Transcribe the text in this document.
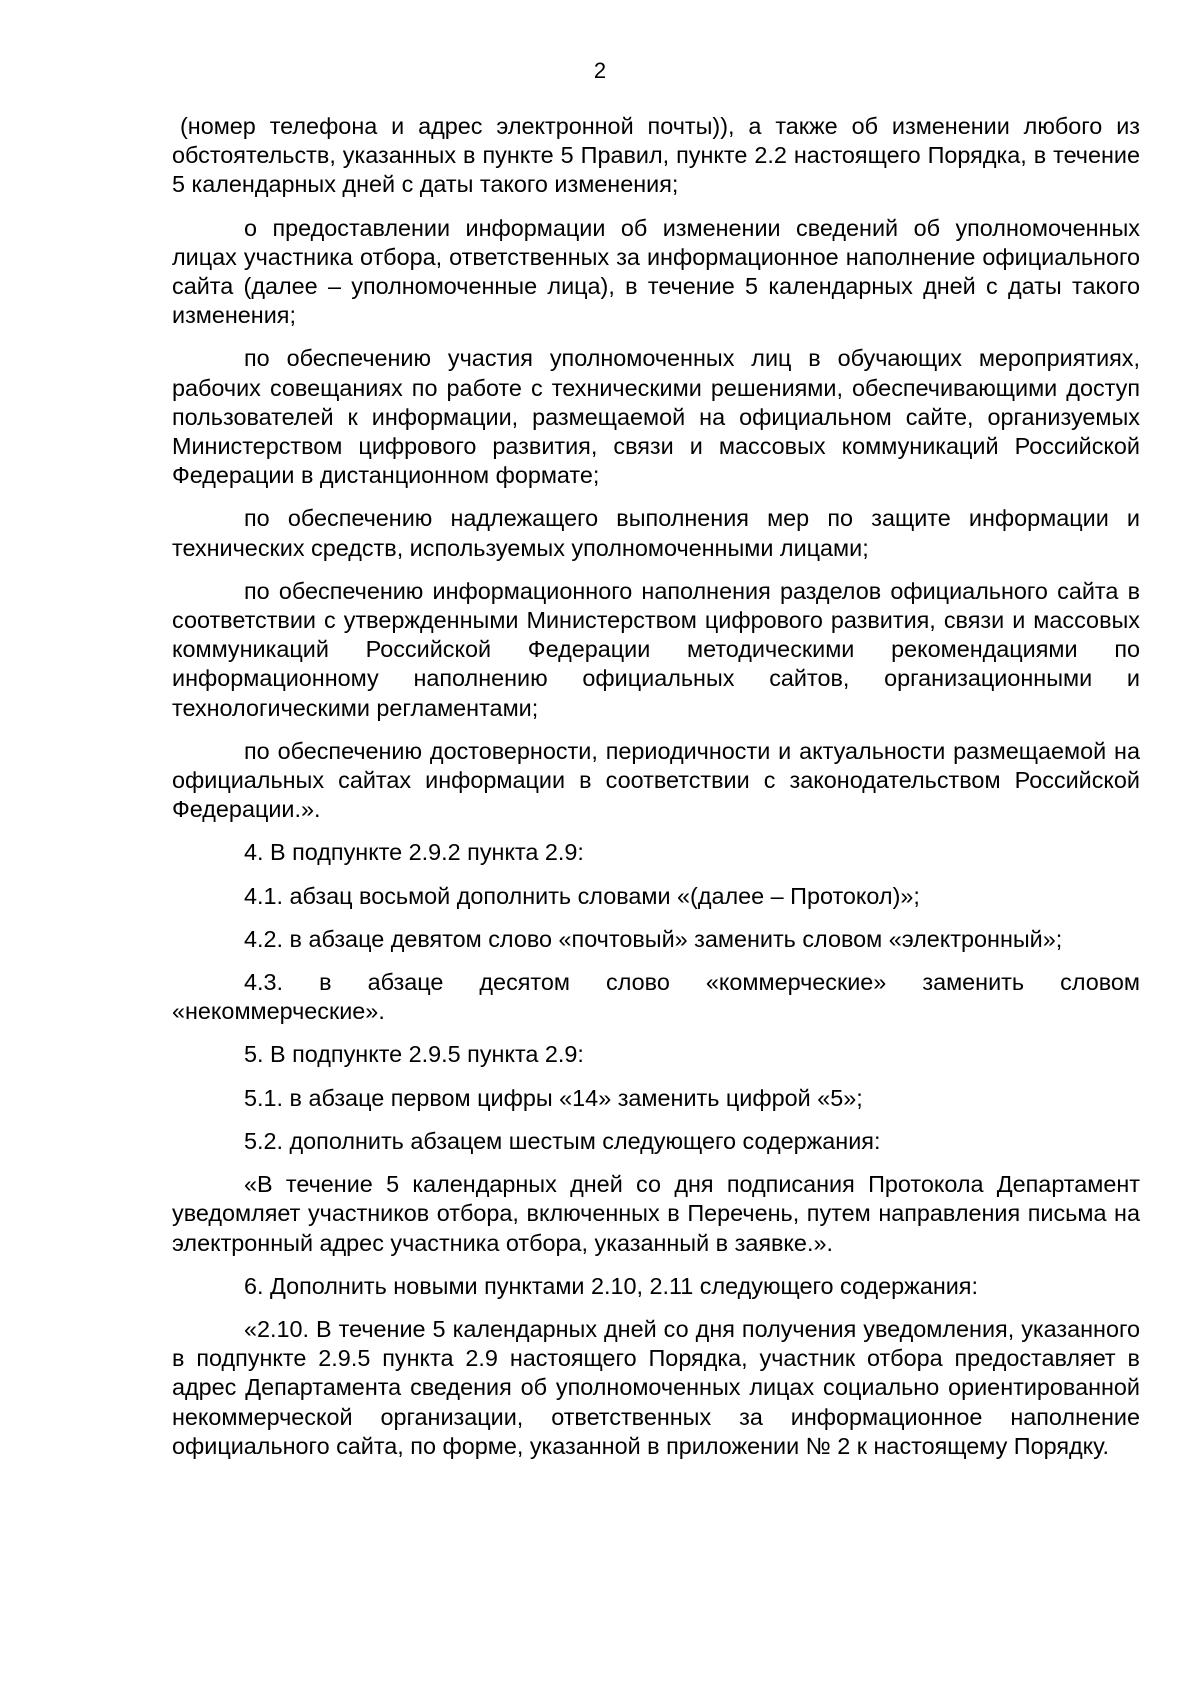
2

(номер телефона и адрес электронной почты)), а также об изменении любого из обстоятельств, указанных в пункте 5 Правил, пункте 2.2 настоящего Порядка, в течение 5 календарных дней с даты такого изменения;

о предоставлении информации об изменении сведений об уполномоченных лицах участника отбора, ответственных за информационное наполнение официального сайта (далее – уполномоченные лица), в течение 5 календарных дней с даты такого изменения;

по обеспечению участия уполномоченных лиц в обучающих мероприятиях, рабочих совещаниях по работе с техническими решениями, обеспечивающими доступ пользователей к информации, размещаемой на официальном сайте, организуемых Министерством цифрового развития, связи и массовых коммуникаций Российской Федерации в дистанционном формате;

по обеспечению надлежащего выполнения мер по защите информации и технических средств, используемых уполномоченными лицами;

по обеспечению информационного наполнения разделов официального сайта в соответствии с утвержденными Министерством цифрового развития, связи и массовых коммуникаций Российской Федерации методическими рекомендациями по информационному наполнению официальных сайтов, организационными и технологическими регламентами;

по обеспечению достоверности, периодичности и актуальности размещаемой на официальных сайтах информации в соответствии с законодательством Российской Федерации.».

4. В подпункте 2.9.2 пункта 2.9:

4.1. абзац восьмой дополнить словами «(далее – Протокол)»;

4.2. в абзаце девятом слово «почтовый» заменить словом «электронный»;

4.3. в абзаце десятом слово «коммерческие» заменить словом «некоммерческие».

5. В подпункте 2.9.5 пункта 2.9:

5.1. в абзаце первом цифры «14» заменить цифрой «5»;

5.2. дополнить абзацем шестым следующего содержания:

«В течение 5 календарных дней со дня подписания Протокола Департамент уведомляет участников отбора, включенных в Перечень, путем направления письма на электронный адрес участника отбора, указанный в заявке.».

6. Дополнить новыми пунктами 2.10, 2.11 следующего содержания:

«2.10. В течение 5 календарных дней со дня получения уведомления, указанного в подпункте 2.9.5 пункта 2.9 настоящего Порядка, участник отбора предоставляет в адрес Департамента сведения об уполномоченных лицах социально ориентированной некоммерческой организации, ответственных за информационное наполнение официального сайта, по форме, указанной в приложении № 2 к настоящему Порядку.
